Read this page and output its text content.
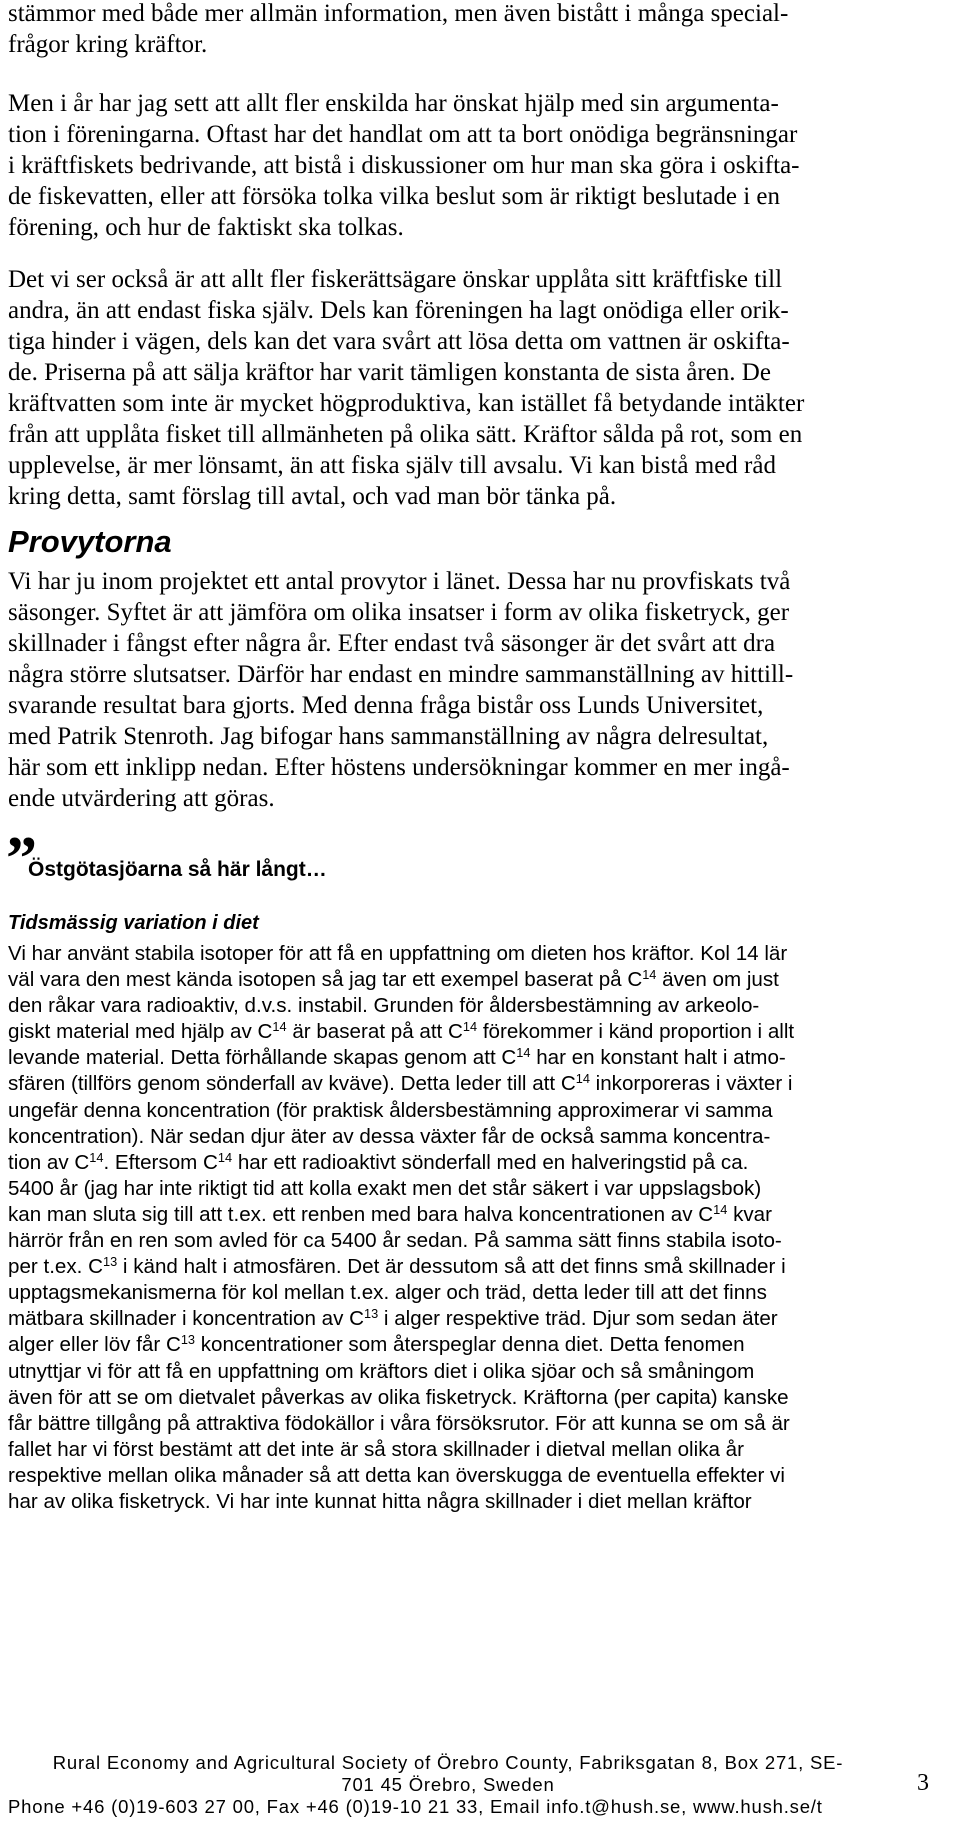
stämmor med både mer allmän information, men även bistått i många special-
frågor kring kräftor.
Men i år har jag sett att allt fler enskilda har önskat hjälp med sin argumenta-
tion i föreningarna. Oftast har det handlat om att ta bort onödiga begränsningar
i kräftfiskets bedrivande, att bistå i diskussioner om hur man ska göra i oskifta-
de fiskevatten, eller att försöka tolka vilka beslut som är riktigt beslutade i en
förening, och hur de faktiskt ska tolkas.
Det vi ser också är att allt fler fiskerättsägare önskar upplåta sitt kräftfiske till
andra, än att endast fiska själv. Dels kan föreningen ha lagt onödiga eller orik-
tiga hinder i vägen, dels kan det vara svårt att lösa detta om vattnen är oskifta-
de. Priserna på att sälja kräftor har varit tämligen konstanta de sista åren. De
kräftvatten som inte är mycket högproduktiva, kan istället få betydande intäkter
från att upplåta fisket till allmänheten på olika sätt. Kräftor sålda på rot, som en
upplevelse, är mer lönsamt, än att fiska själv till avsalu. Vi kan bistå med råd
kring detta, samt förslag till avtal, och vad man bör tänka på.
Provytorna
Vi har ju inom projektet ett antal provytor i länet. Dessa har nu provfiskats två
säsonger. Syftet är att jämföra om olika insatser i form av olika fisketryck, ger
skillnader i fångst efter några år. Efter endast två säsonger är det svårt att dra
några större slutsatser. Därför har endast en mindre sammanställning av hittill-
svarande resultat bara gjorts. Med denna fråga bistår oss Lunds Universitet,
med Patrik Stenroth. Jag bifogar hans sammanställning av några delresultat,
här som ett inklipp nedan. Efter höstens undersökningar kommer en mer ingå-
ende utvärdering att göras.
”
Östgötasjöarna så här långt…
Tidsmässig variation i diet
Vi har använt stabila isotoper för att få en uppfattning om dieten hos kräftor. Kol 14 lär
väl vara den mest kända isotopen så jag tar ett exempel baserat på $C^{14}$ även om just
den råkar vara radioaktiv, d.v.s. instabil. Grunden för åldersbestämning av arkeolo-
giskt material med hjälp av $C^{14}$ är baserat på att $C^{14}$ förekommer i känd proportion i allt
levande material. Detta förhållande skapas genom att $C^{14}$ har en konstant halt i atmo-
sfären (tillförs genom sönderfall av kväve). Detta leder till att $C^{14}$ inkorporeras i växter i
ungefär denna koncentration (för praktisk åldersbestämning approximerar vi samma
koncentration). När sedan djur äter av dessa växter får de också samma koncentra-
tion av $C^{14}$. Eftersom $C^{14}$ har ett radioaktivt sönderfall med en halveringstid på ca.
5400 år (jag har inte riktigt tid att kolla exakt men det står säkert i var uppslagsbok)
kan man sluta sig till att t.ex. ett renben med bara halva koncentrationen av $C^{14}$ kvar
härrör från en ren som avled för ca 5400 år sedan. På samma sätt finns stabila isoto-
per t.ex. $C^{13}$ i känd halt i atmosfären. Det är dessutom så att det finns små skillnader i
upptagsmekanismerna för kol mellan t.ex. alger och träd, detta leder till att det finns
mätbara skillnader i koncentration av $C^{13}$ i alger respektive träd. Djur som sedan äter
alger eller löv får $C^{13}$ koncentrationer som återspeglar denna diet. Detta fenomen
utnyttjar vi för att få en uppfattning om kräftors diet i olika sjöar och så småningom
även för att se om dietvalet påverkas av olika fisketryck. Kräftorna (per capita) kanske
får bättre tillgång på attraktiva födokällor i våra försöksrutor. För att kunna se om så är
fallet har vi först bestämt att det inte är så stora skillnader i dietval mellan olika år
respektive mellan olika månader så att detta kan överskugga de eventuella effekter vi
har av olika fisketryck. Vi har inte kunnat hitta några skillnader i diet mellan kräftor
Rural Economy and Agricultural Society of Örebro County, Fabriksgatan 8, Box 271, SE-
701 45 Örebro, Sweden
Phone +46 (0)19-603 27 00, Fax +46 (0)19-10 21 33, Email info.t@hush.se, www.hush.se/t
3
